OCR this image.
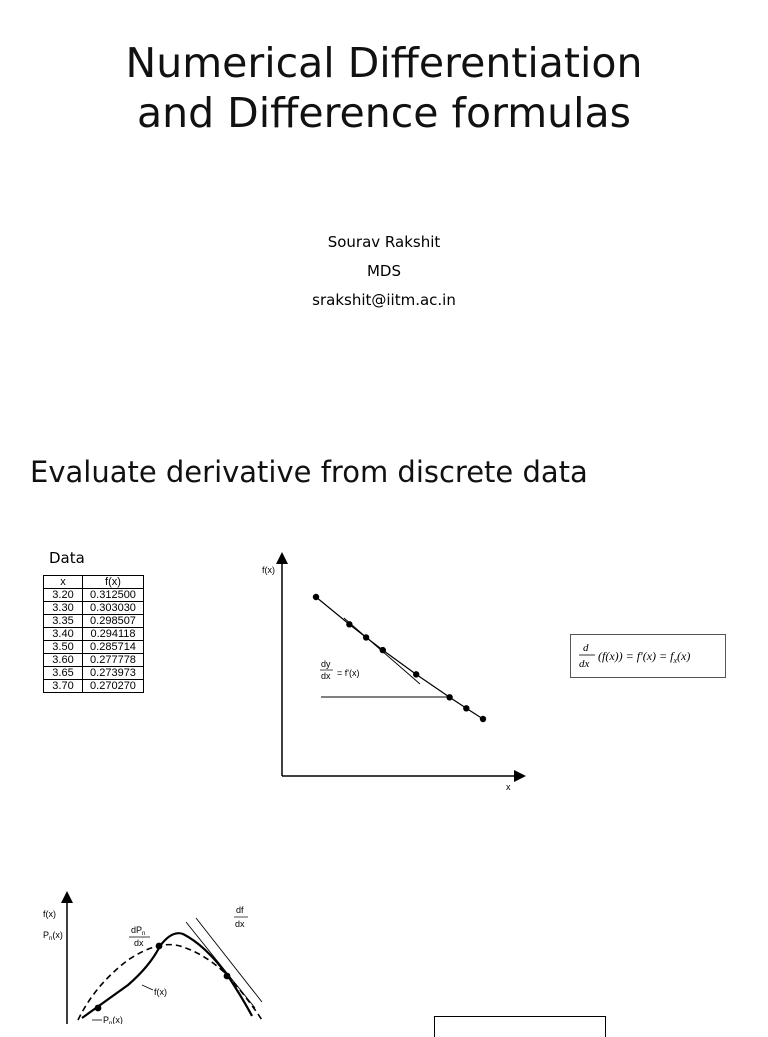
Numerical Differentiation
and Difference formulas
Sourav Rakshit
MDS
srakshit@iitm.ac.in
Evaluate derivative from discrete data
Data
x	f(x)
3.20	0.312500
3.30	0.303030
3.35	0.298507
3.40	0.294118
3.50	0.285714
3.60	0.277778
3.65	0.273973
3.70	0.270270
f(x)
x
dy
dx = f'(x)
f(x)
$P_n(x)$	$dP_n$
dx
df
dx
f(x)
$P_n(x)$
d
dx
$(f(x)) = f'(x) = f_x(x)$
